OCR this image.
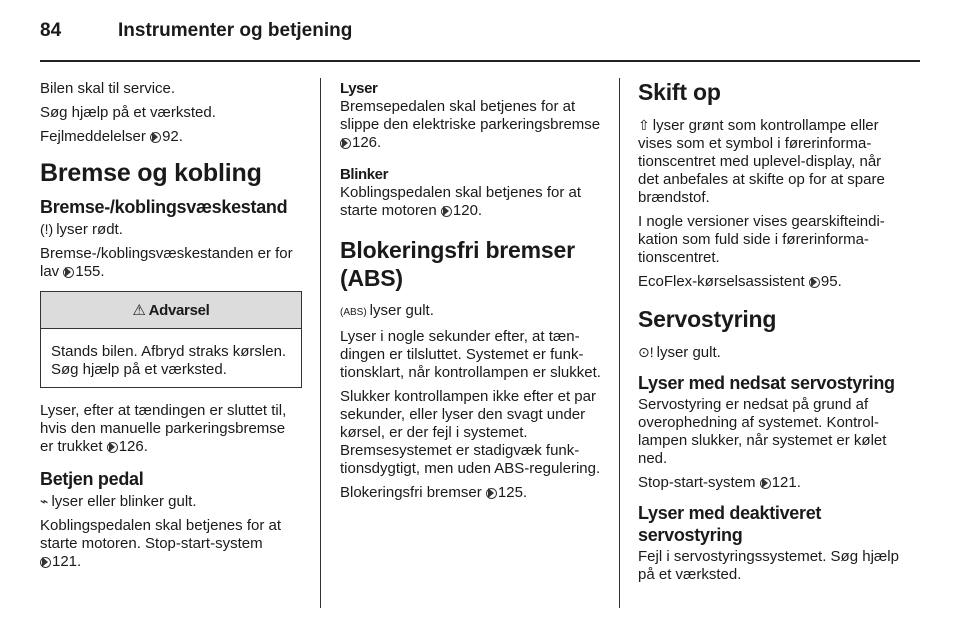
84	Instrumenter og betjening

Bilen skal til service.

Søg hjælp på et værksted.

Fejlmeddelelser 92.

Bremse og kobling
Bremse-/koblingsvæskestand

(!) lyser rødt.

Bremse-/koblingsvæskestanden er for lav 155.

⚠ Advarsel
Stands bilen. Afbryd straks kørslen. Søg hjælp på et værksted.

Lyser, efter at tændingen er sluttet til, hvis den manuelle parkeringsbremse er trukket 126.

Betjen pedal

⌁ lyser eller blinker gult.

Koblingspedalen skal betjenes for at starte motoren. Stop-start-system
121.

Lyser

Bremsepedalen skal betjenes for at slippe den elektriske parkeringsbremse 126.

Blinker

Koblingspedalen skal betjenes for at starte motoren 120.

Blokeringsfri bremser (ABS)

(ABS) lyser gult.

Lyser i nogle sekunder efter, at tændingen er tilsluttet. Systemet er funktionsklart, når kontrollampen er slukket.

Slukker kontrollampen ikke efter et par sekunder, eller lyser den svagt under kørsel, er der fejl i systemet. Bremsesystemet er stadigvæk funktionsdygtigt, men uden ABS-regulering.

Blokeringsfri bremser 125.

Skift op

⇧ lyser grønt som kontrollampe eller vises som et symbol i førerinformationscentret med uplevel-display, når det anbefales at skifte op for at spare brændstof.

I nogle versioner vises gearskifteindikation som fuld side i førerinformationscentret.

EcoFlex-kørselsassistent 95.

Servostyring

⊙! lyser gult.

Lyser med nedsat servostyring

Servostyring er nedsat på grund af overophedning af systemet. Kontrollampen slukker, når systemet er kølet ned.

Stop-start-system 121.

Lyser med deaktiveret servostyring

Fejl i servostyringssystemet. Søg hjælp på et værksted.
